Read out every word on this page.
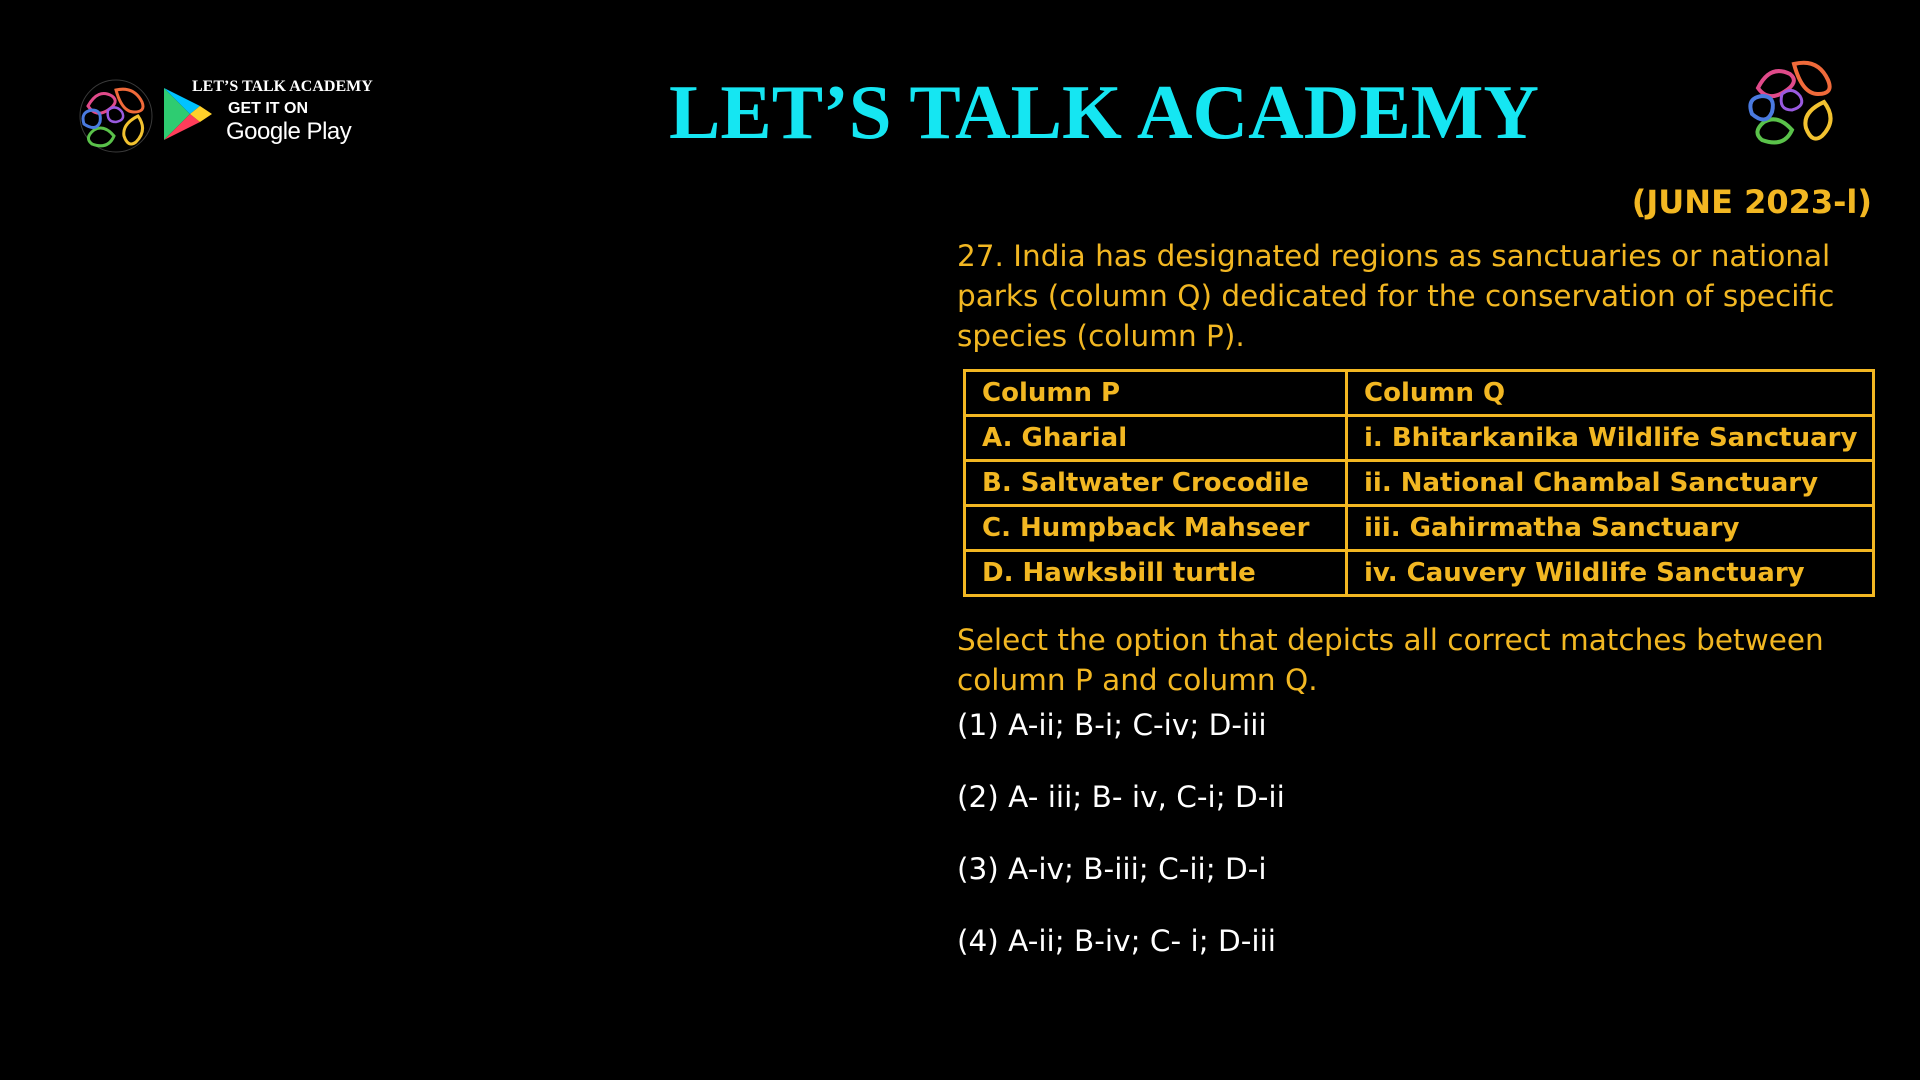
LET’S TALK ACADEMY
GET IT ON
Google Play	LET’S TALK ACADEMY
(JUNE 2023-l)
27. India has designated regions as sanctuaries or national parks (column Q) dedicated for the conservation of specific species (column P).
Column P	Column Q
A. Gharial	i. Bhitarkanika Wildlife Sanctuary
B. Saltwater Crocodile	ii. National Chambal Sanctuary
C. Humpback Mahseer	iii. Gahirmatha Sanctuary
D. Hawksbill turtle	iv. Cauvery Wildlife Sanctuary
Select the option that depicts all correct matches between column P and column Q.
(1) A-ii; B-i; C-iv; D-iii
(2) A- iii; B- iv, C-i; D-ii
(3) A-iv; B-iii; C-ii; D-i
(4) A-ii; B-iv; C- i; D-iii
